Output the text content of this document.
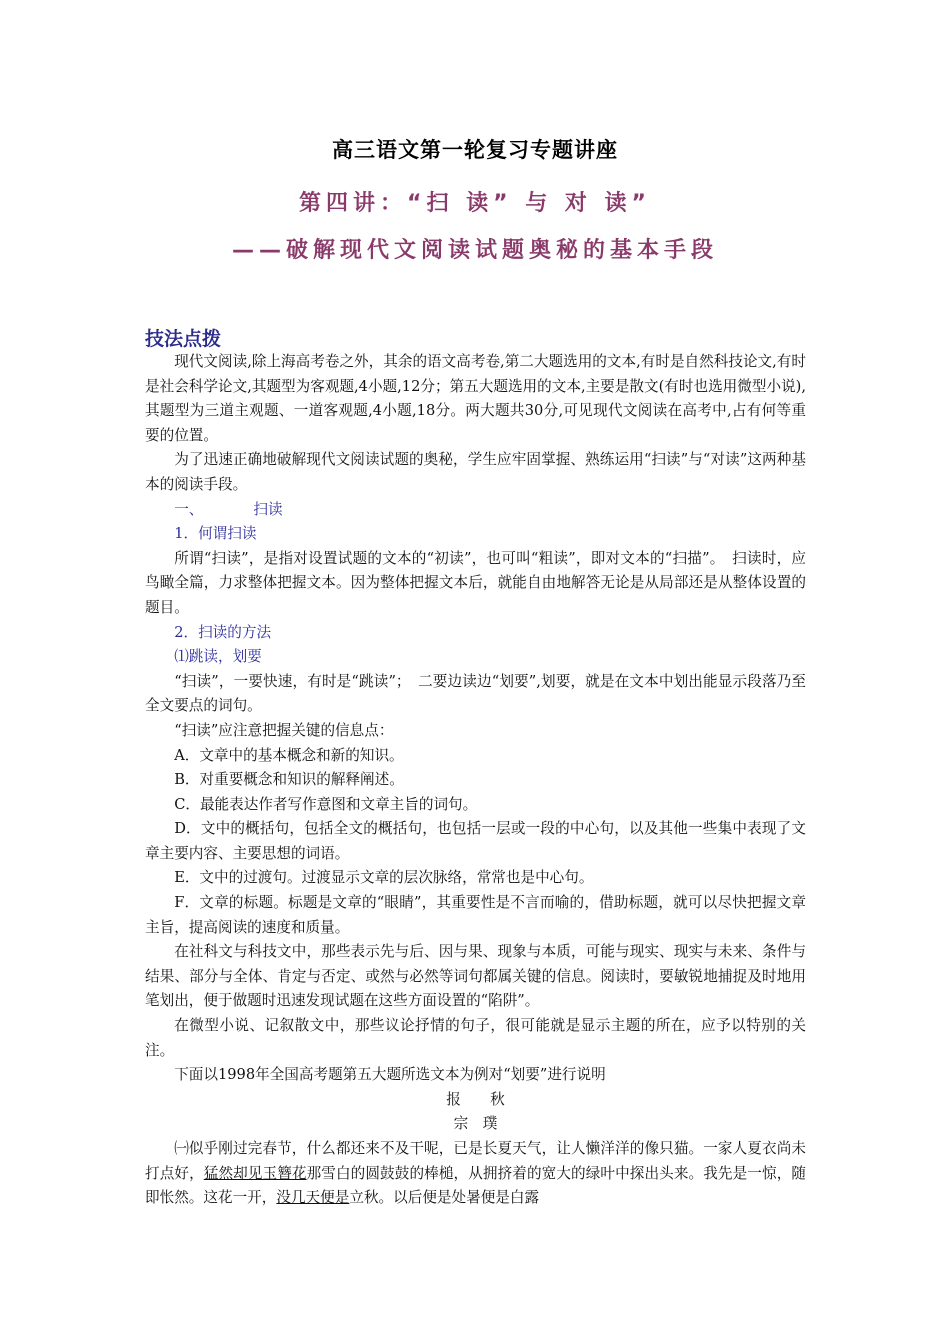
高三语文第一轮复习专题讲座
第四讲：“扫 读” 与 对 读”
——破解现代文阅读试题奥秘的基本手段
技法点拨

现代文阅读,除上海高考卷之外，其余的语文高考卷,第二大题选用的文本,有时是自然科技论文,有时是社会科学论文,其题型为客观题,4小题,12分；第五大题选用的文本,主要是散文(有时也选用微型小说),其题型为三道主观题、一道客观题,4小题,18分。两大题共30分,可见现代文阅读在高考中,占有何等重要的位置。

为了迅速正确地破解现代文阅读试题的奥秘，学生应牢固掌握、熟练运用“扫读”与“对读”这两种基本的阅读手段。

一、	扫读

1．何谓扫读

所谓“扫读”，是指对设置试题的文本的“初读”，也可叫“粗读”，即对文本的“扫描”。　扫读时，应鸟瞰全篇，力求整体把握文本。因为整体把握文本后，就能自由地解答无论是从局部还是从整体设置的题目。

2．扫读的方法

⑴跳读，划要

“扫读”，一要快速，有时是“跳读”；　二要边读边“划要”,划要，就是在文本中划出能显示段落乃至全文要点的词句。

“扫读”应注意把握关键的信息点：

A．文章中的基本概念和新的知识。

B．对重要概念和知识的解释阐述。

C．最能表达作者写作意图和文章主旨的词句。

D．文中的概括句，包括全文的概括句，也包括一层或一段的中心句，以及其他一些集中表现了文章主要内容、主要思想的词语。

E．文中的过渡句。过渡显示文章的层次脉络，常常也是中心句。

F．文章的标题。标题是文章的“眼睛”，其重要性是不言而喻的，借助标题，就可以尽快把握文章主旨，提高阅读的速度和质量。

在社科文与科技文中，那些表示先与后、因与果、现象与本质，可能与现实、现实与未来、条件与结果、部分与全体、肯定与否定、或然与必然等词句都属关键的信息。阅读时，要敏锐地捕捉及时地用笔划出，便于做题时迅速发现试题在这些方面设置的“陷阱”。

在微型小说、记叙散文中，那些议论抒情的句子，很可能就是显示主题的所在，应予以特别的关注。

下面以1998年全国高考题第五大题所选文本为例对“划要”进行说明

报　　秋

宗　璞

㈠似乎刚过完春节，什么都还来不及干呢，已是长夏天气，让人懒洋洋的像只猫。一家人夏衣尚未打点好，猛然却见玉簪花那雪白的圆鼓鼓的棒槌，从拥挤着的宽大的绿叶中探出头来。我先是一惊，随即怅然。这花一开，没几天便是立秋。以后便是处暑便是白露
